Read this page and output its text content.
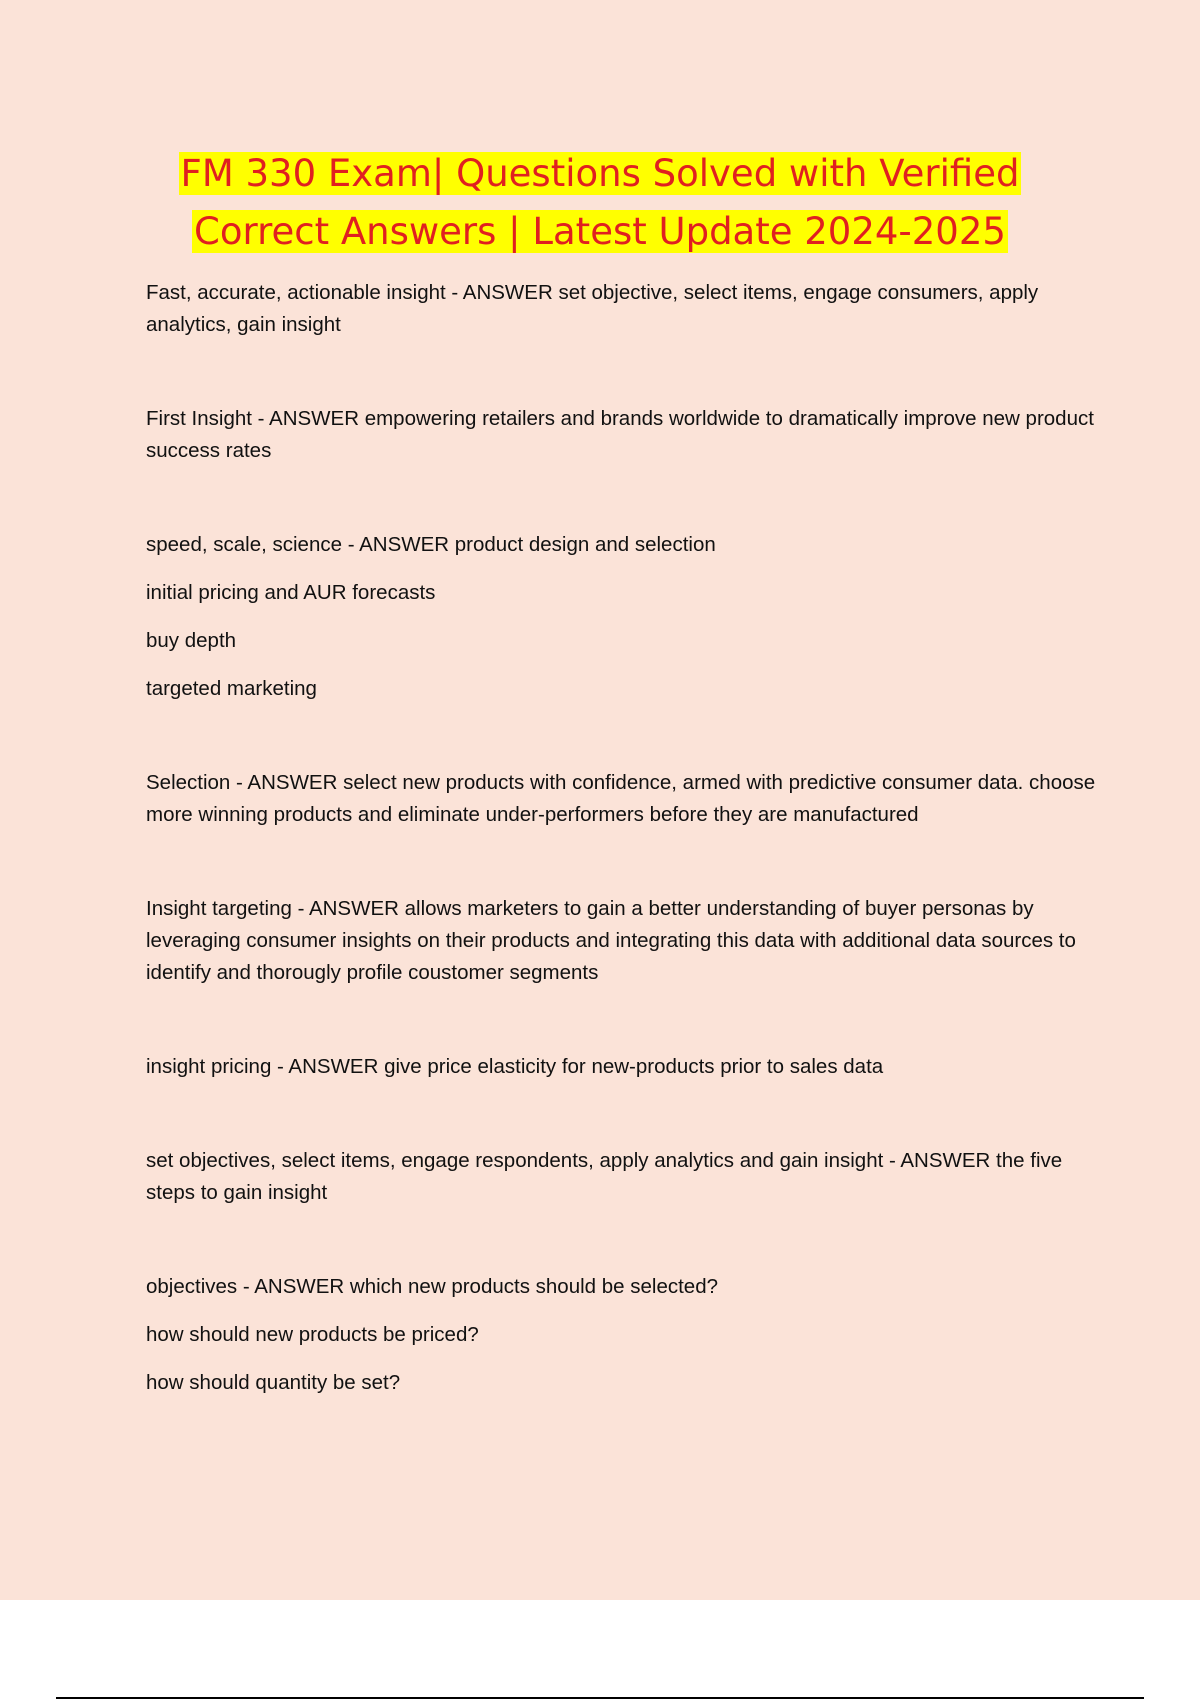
FM 330 Exam| Questions Solved with Verified
Correct Answers | Latest Update 2024-2025

Fast, accurate, actionable insight - ANSWER set objective, select items, engage consumers, apply analytics, gain insight

First Insight - ANSWER empowering retailers and brands worldwide to dramatically improve new product success rates

speed, scale, science - ANSWER product design and selection

initial pricing and AUR forecasts

buy depth

targeted marketing

Selection - ANSWER select new products with confidence, armed with predictive consumer data. choose more winning products and eliminate under-performers before they are manufactured

Insight targeting - ANSWER allows marketers to gain a better understanding of buyer personas by leveraging consumer insights on their products and integrating this data with additional data sources to identify and thorougly profile coustomer segments

insight pricing - ANSWER give price elasticity for new-products prior to sales data

set objectives, select items, engage respondents, apply analytics and gain insight - ANSWER the five steps to gain insight

objectives - ANSWER which new products should be selected?

how should new products be priced?

how should quantity be set?
